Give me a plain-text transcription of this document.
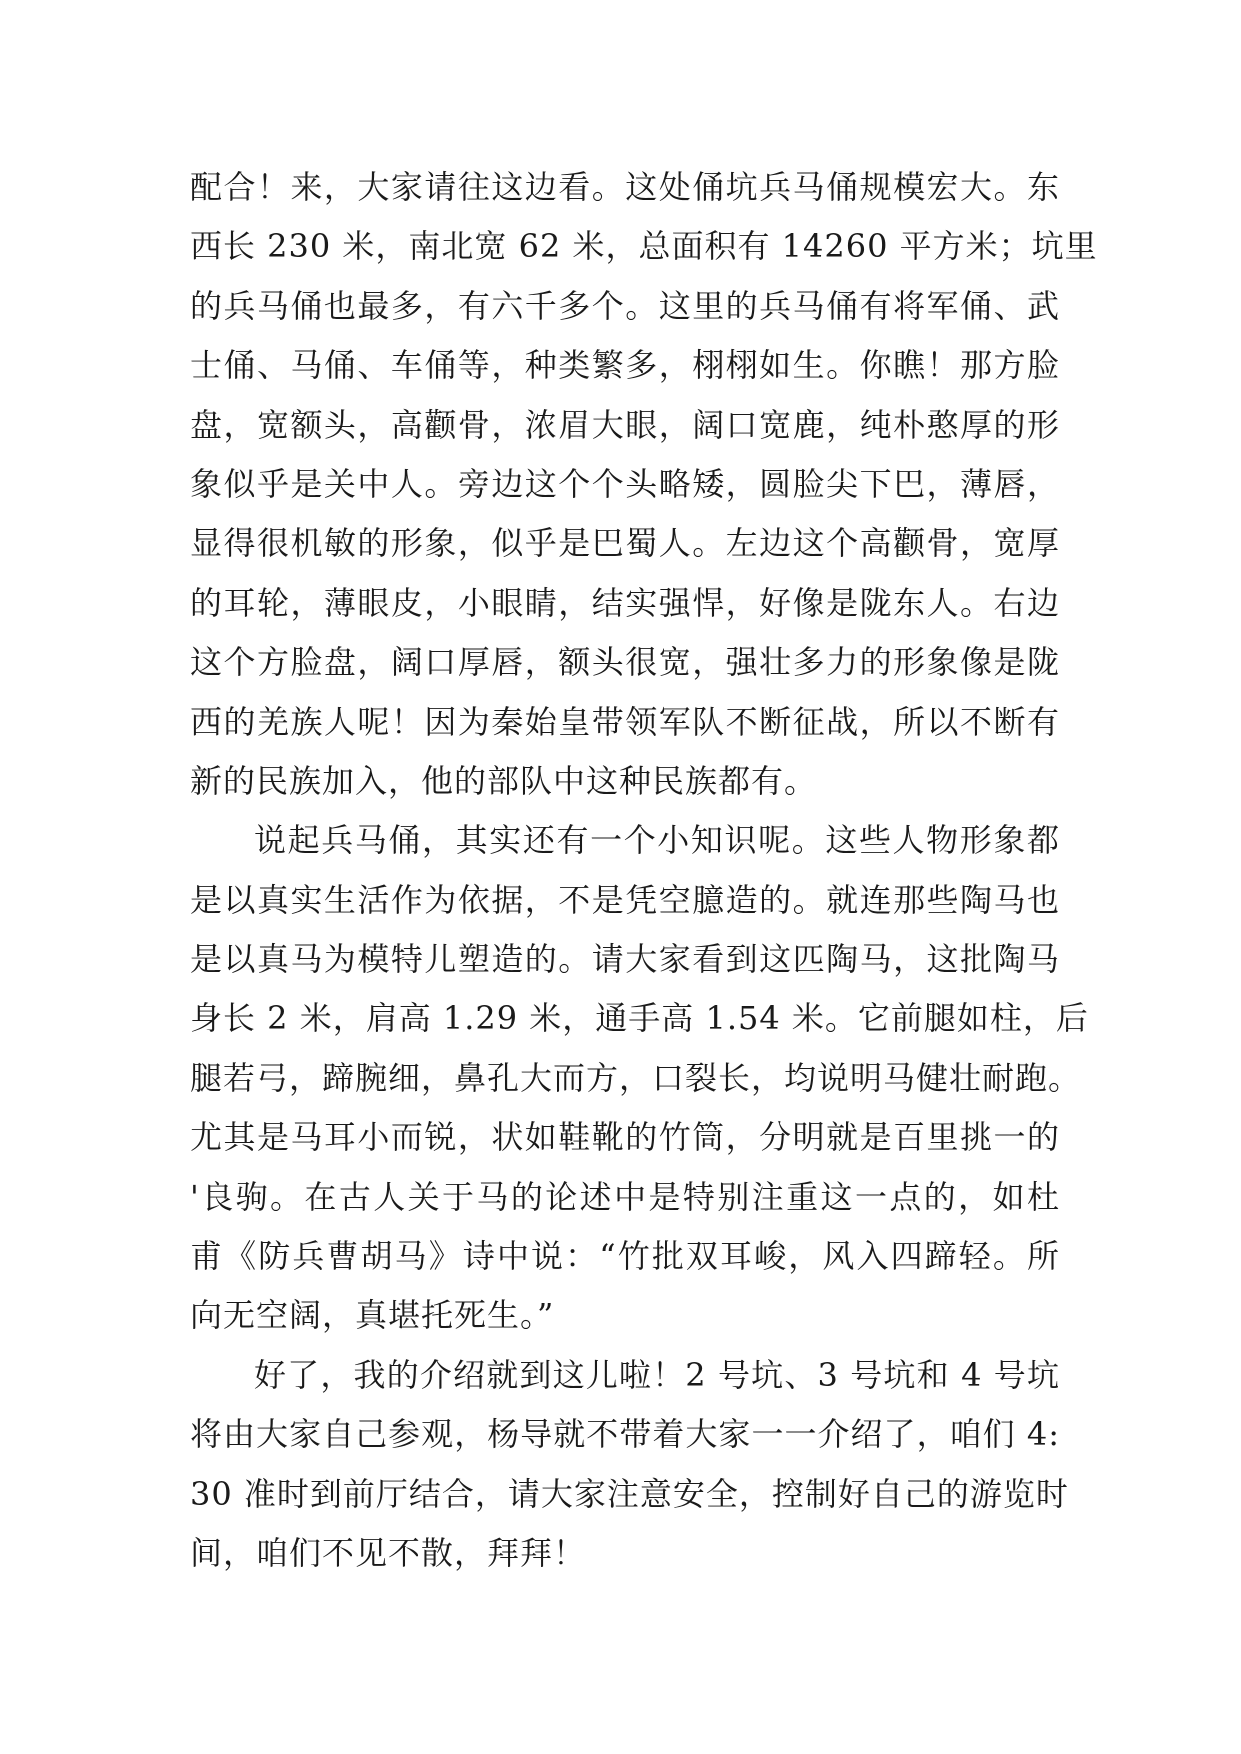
配合！来，大家请往这边看。这处俑坑兵马俑规模宏大。东
西长 230 米，南北宽 62 米，总面积有 14260 平方米；坑里
的兵马俑也最多，有六千多个。这里的兵马俑有将军俑、武
士俑、马俑、车俑等，种类繁多，栩栩如生。你瞧！那方脸
盘，宽额头，高颧骨，浓眉大眼，阔口宽鹿，纯朴憨厚的形
象似乎是关中人。旁边这个个头略矮，圆脸尖下巴，薄唇，
显得很机敏的形象，似乎是巴蜀人。左边这个高颧骨，宽厚
的耳轮，薄眼皮，小眼睛，结实强悍，好像是陇东人。右边
这个方脸盘，阔口厚唇，额头很宽，强壮多力的形象像是陇
西的羌族人呢！因为秦始皇带领军队不断征战，所以不断有
新的民族加入，他的部队中这种民族都有。
说起兵马俑，其实还有一个小知识呢。这些人物形象都
是以真实生活作为依据，不是凭空臆造的。就连那些陶马也
是以真马为模特儿塑造的。请大家看到这匹陶马，这批陶马
身长 2 米，肩高 1.29 米，通手高 1.54 米。它前腿如柱，后
腿若弓，蹄腕细，鼻孔大而方，口裂长，均说明马健壮耐跑。
尤其是马耳小而锐，状如鞋靴的竹筒，分明就是百里挑一的
'良驹。在古人关于马的论述中是特别注重这一点的，如杜
甫《防兵曹胡马》诗中说：“竹批双耳峻，风入四蹄轻。所
向无空阔，真堪托死生。”
好了，我的介绍就到这儿啦！2 号坑、3 号坑和 4 号坑
将由大家自己参观，杨导就不带着大家一一介绍了，咱们 4:
30 准时到前厅结合，请大家注意安全，控制好自己的游览时
间，咱们不见不散，拜拜！
